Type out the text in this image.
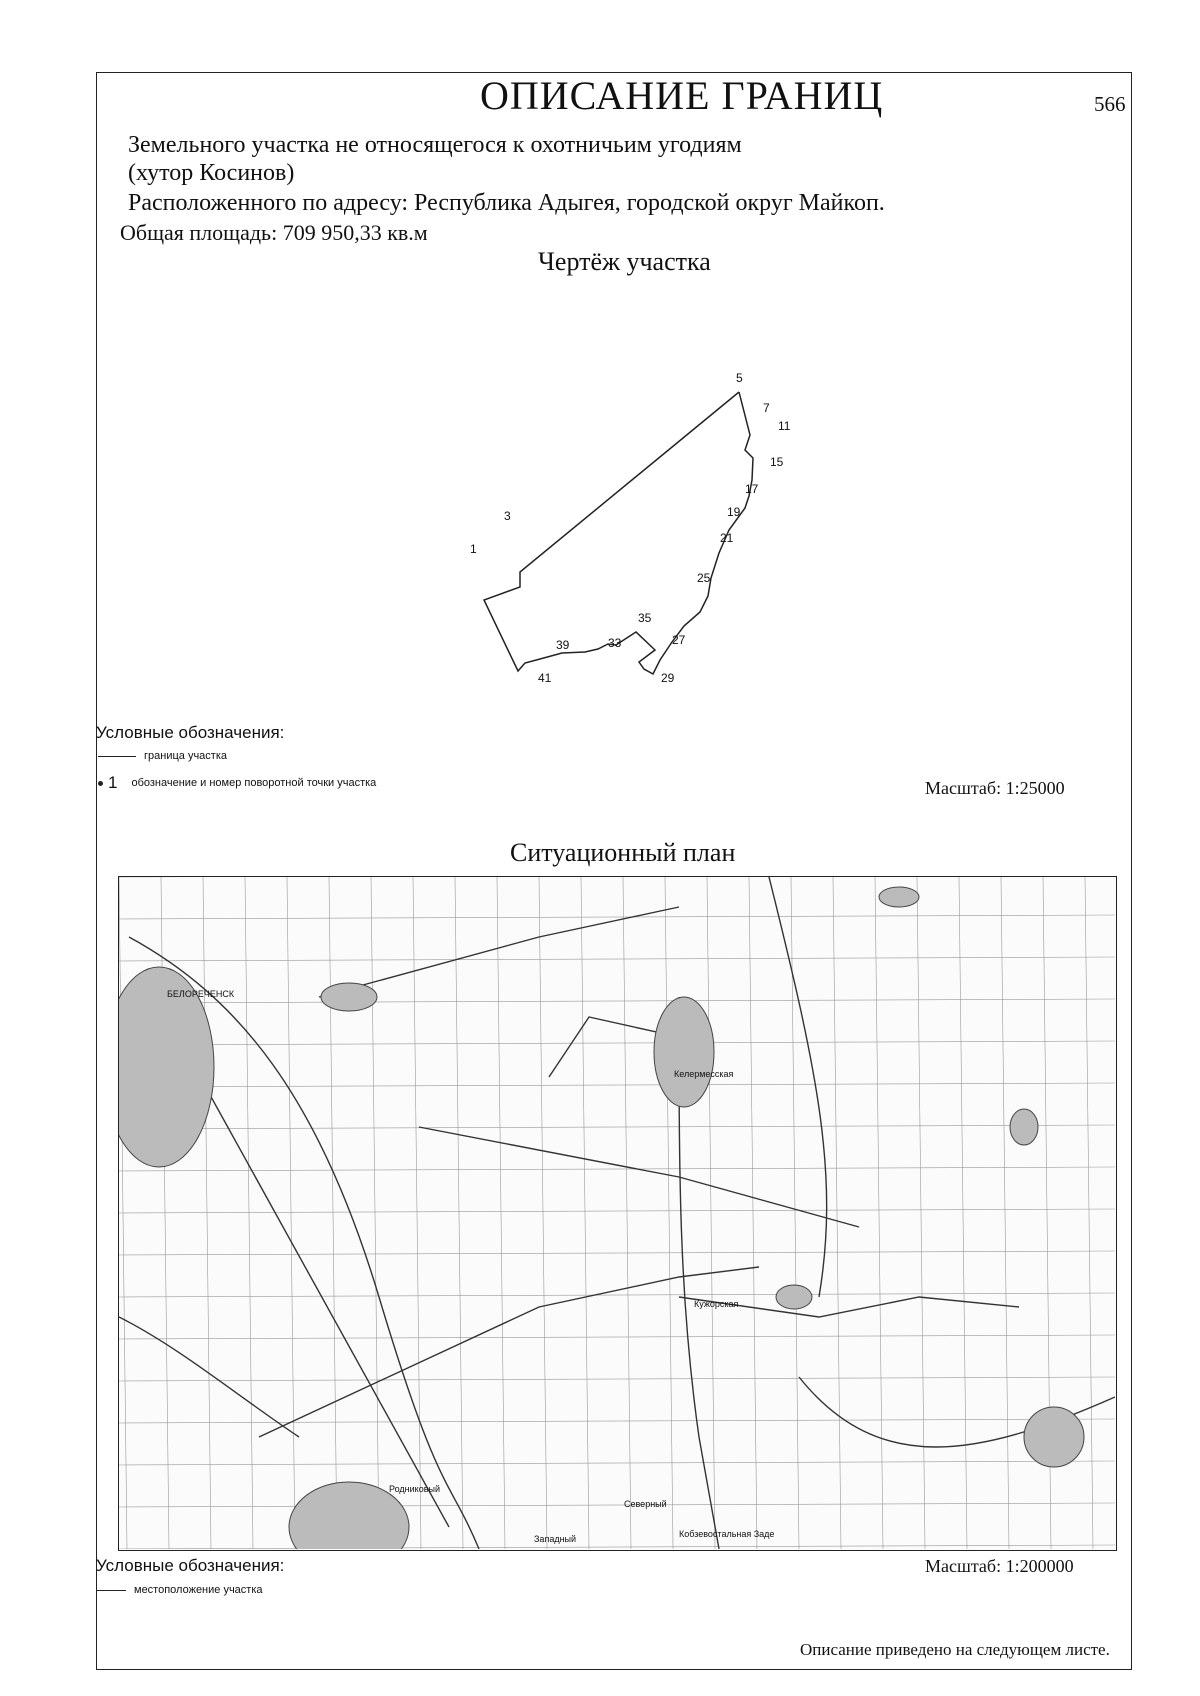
ОПИСАНИЕ ГРАНИЦ	566
Земельного участка не относящегося к охотничьим угодиям
(хутор Косинов)
Расположенного по адресу: Республика Адыгея, городской округ Майкоп.
Общая площадь: 709 950,33 кв.м
Чертёж участка
5
7
11
15
17
19
21
25
27
29
35
33
39
41
1
3
Условные обозначения:
граница участка
1 обозначение и номер поворотной точки участка	Масштаб: 1:25000
Ситуационный план
БЕЛОРЕЧЕНСК
Келермесская
Кужорская
Родниковый
Северный
Западный	Кобзевостальная Заде
Условные обозначения:	Масштаб: 1:200000
местоположение участка
Описание приведено на следующем листе.
